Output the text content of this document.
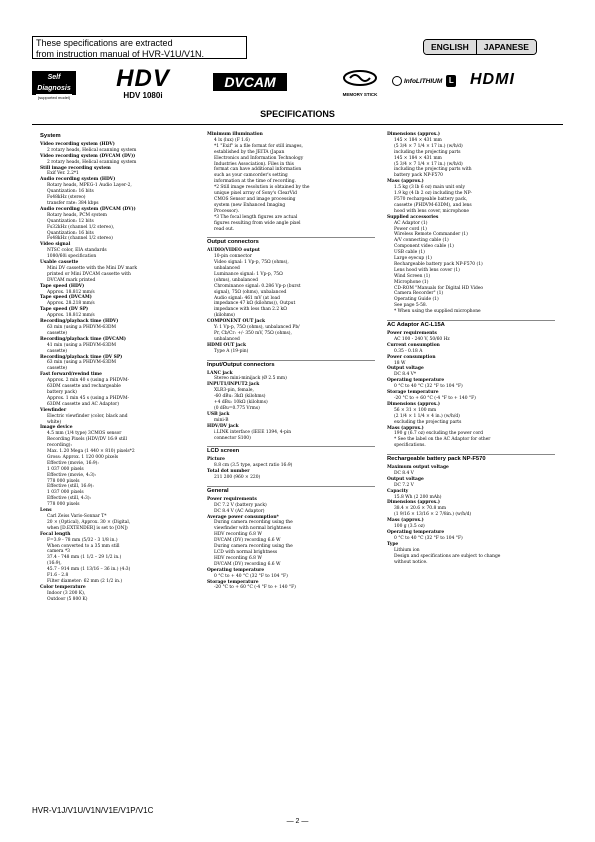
These specifications are extracted
from instruction manual of HVR-V1U/V1N.
ENGLISH	JAPANESE
Self Diagnosis
(supported model)
HDV
HDV 1080i
DVCAM
MEMORY STICK
InfoLITHIUM L HDMI
SPECIFICATIONS
System
Video recording system (HDV)
2 rotary heads, Helical scanning system
Video recording system (DVCAM (DV))
2 rotary heads, Helical scanning system
Still image recording system
Exif Ver. 2.2*1
Audio recording system (HDV)
Rotary heads, MPEG-1 Audio Layer-2,
Quantization: 16 bits
Fs48kHz (stereo)
transfer rate: 384 kbps
Audio recording system (DVCAM (DV))
Rotary heads, PCM system
Quantization: 12 bits
Fs32kHz (channel 1/2 stereo),
Quantization: 16 bits
Fs48kHz (channel 1/2 stereo)
Video signal
NTSC color, EIA standards
1080/60i specification
Usable cassette
Mini DV cassette with the Mini DV mark
printed or Mini DVCAM cassette with
DVCAM mark printed
Tape speed (HDV)
Approx. 18.812 mm/s
Tape speed (DVCAM)
Approx. 28.218 mm/s
Tape speed (DV SP)
Approx. 18.812 mm/s
Recording/playback time (HDV)
63 min (using a PHDVM-63DM
cassette)
Recording/playback time (DVCAM)
41 min (using a PHDVM-63DM
cassette)
Recording/playback time (DV SP)
63 min (using a PHDVM-63DM
cassette)
Fast forward/rewind time
Approx. 2 min 40 s (using a PHDVM-
63DM cassette and rechargeable
battery pack)
Approx. 1 min 45 s (using a PHDVM-
63DM cassette and AC Adaptor)
Viewfinder
Electric viewfinder (color, black and
white)
Image device
4.5 mm (1/4 type) 3CMOS sensor
Recording Pixels (HDV/DV 16:9 still
recording):
Max. 1.20 Mega (1 440 × 810) pixels*2
Gross: Approx. 1 120 000 pixels
Effective (movie, 16:9):
1 037 000 pixels
Effective (movie, 4:3):
778 000 pixels
Effective (still, 16:9):
1 037 000 pixels
Effective (still, 4:3):
778 000 pixels
Lens
Carl Zeiss Vario-Sonnar T*
20 × (Optical), Approx. 30 × (Digital,
when [D.EXTENDER] is set to [ON])
Focal length
F=3.9 - 78 mm (5/32 - 3 1/8 in.)
When converted to a 35 mm still
camera *3
37.4 - 748 mm (1 1/2 – 29 1/2 in.)
(16:9),
45.7 - 914 mm (1 13/16 – 36 in.) (4:3)
F1.6 - 2.8
Filter diameter: 62 mm (2 1/2 in.)
Color temperature
Indoor (3 200 K),
Outdoor (5 800 K)
Minimum illumination
4 lx (lux) (F 1.6)
*1 "Exif" is a file format for still images,
established by the JEITA (Japan
Electronics and Information Technology
Industries Association). Files in this
format can have additional information
such as your camcorder's setting
information at the time of recording.
*2 Still image resolution is obtained by the
unique pixel array of Sony's ClearVid
CMOS Sensor and image processing
system (new Enhanced Imaging
Processor).
*3 The focal length figures are actual
figures resulting from wide angle pixel
read out.
Output connectors
AUDIO/VIDEO output
10-pin connector
Video signal: 1 Vp-p, 75Ω (ohms),
unbalanced
Luminance signal: 1 Vp-p, 75Ω
(ohms), unbalanced
Chrominance signal: 0.286 Vp-p (burst
signal), 75Ω (ohms), unbalanced
Audio signal: 461 mV (at load
impedance 47 kΩ (kilohms)), Output
impedance with less than 2.2 kΩ
(kilohms)
COMPONENT OUT jack
Y: 1 Vp-p, 75Ω (ohms), unbalanced Pb/
Pr, Cb/Cr: +/- 350 mV, 75Ω (ohms),
unbalanced
HDMI OUT jack
Type A (19-pin)
Input/Output connectors
LANC jack
Stereo mini-minijack (Ø 2.5 mm)
INPUT1/INPUT2 jack
XLR3-pin, female,
-60 dBu: 3kΩ (kilohms)
+4 dBu: 10kΩ (kilohms)
(0 dBu=0.775 Vrms)
USB jack
mini-B
HDV/DV jack
i.LINK interface (IEEE 1394, 4-pin
connector S100)
LCD screen
Picture
8.8 cm (3.5 type, aspect ratio 16:9)
Total dot number
211 200 (960 × 220)
General
Power requirements
DC 7.2 V (battery pack)
DC 8.4 V (AC Adaptor)
Average power consumption*
During camera recording using the
viewfinder with normal brightness
HDV recording 6.8 W
DVCAM (DV) recording 6.6 W
During camera recording using the
LCD with normal brightness
HDV recording 6.8 W
DVCAM (DV) recording 6.6 W
Operating temperature
0 °C to + 40 °C (32 °F to 104 °F)
Storage temperature
-20 °C to + 60 °C (-4 °F to + 140 °F)
Dimensions (approx.)
145 × 184 × 431 mm
(5 3/4 × 7 1/4 × 17 in.) (w/h/d)
including the projecting parts
145 × 184 × 431 mm
(5 3/4 × 7 1/4 × 17 in.) (w/h/d)
including the projecting parts with
battery pack NP-F570
Mass (approx.)
1.5 kg (3 lb 6 oz) main unit only
1.9 kg (4 lb 2 oz) including the NP-
F570 rechargeable battery pack,
cassette (PHDVM-63DM), and lens
hood with lens cover, microphone
Supplied accessories
AC Adaptor (1)
Power cord (1)
Wireless Remote Commander (1)
A/V connecting cable (1)
Component video cable (1)
USB cable (1)
Large eyecup (1)
Rechargeable battery pack NP-F570 (1)
Lens hood with lens cover (1)
Wind Screen (1)
Microphone (1)
CD-ROM "Manuals for Digital HD Video
Camera Recorder" (1)
Operating Guide (1)
See page 5-58.
* When using the supplied microphone
AC Adaptor AC-L15A
Power requirements
AC 100 - 240 V, 50/60 Hz
Current consumption
0.35 - 0.18 A
Power consumption
18 W
Output voltage
DC 8.4 V*
Operating temperature
0 °C to 40 °C (32 °F to 104 °F)
Storage temperature
-20 °C to + 60 °C (-4 °F to + 140 °F)
Dimensions (approx.)
56 × 31 × 100 mm
(2 1/4 × 1 1/4 × 4 in.) (w/h/d)
excluding the projecting parts
Mass (approx.)
190 g (6.7 oz) excluding the power cord
* See the label on the AC Adaptor for other
specifications.
Rechargeable battery pack NP-F570
Maximum output voltage
DC 8.4 V
Output voltage
DC 7.2 V
Capacity
15.8 Wh (2 200 mAh)
Dimensions (approx.)
38.4 × 20.6 × 70.8 mm
(1 9/16 × 13/16 × 2 7/8in.) (w/h/d)
Mass (approx.)
100 g (3.5 oz)
Operating temperature
0 °C to 40 °C (32 °F to 104 °F)
Type
Lithium ion
Design and specifications are subject to change
without notice.
HVR-V1J/V1U/V1N/V1E/V1P/V1C
— 2 —
